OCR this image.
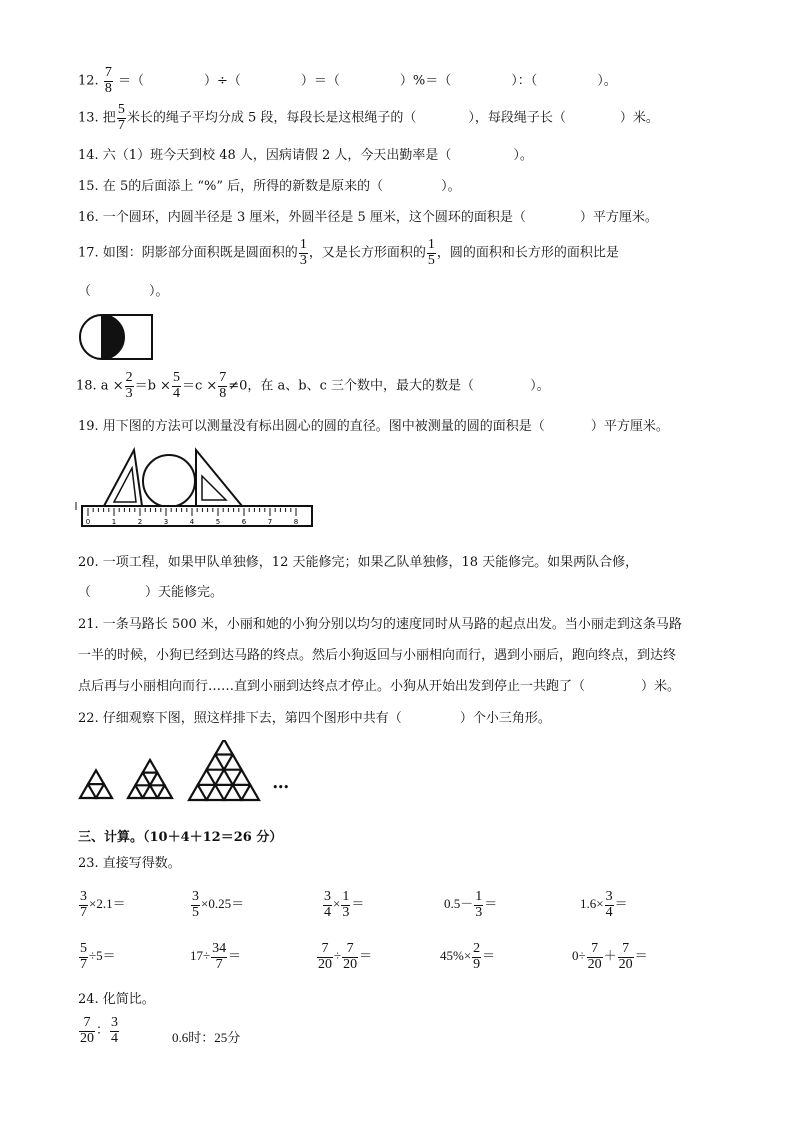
12. $\frac{7}{8}$ ＝（	）÷（	）＝（	）%＝（	）：（	）。
13. 把 $\frac{5}{7}$ 米长的绳子平均分成 5 段，每段长是这根绳子的（	），每段绳子长（	）米。
14. 六（1）班今天到校 48 人，因病请假 2 人，今天出勤率是（	）。
15. 在 5的后面添上 “%” 后，所得的新数是原来的（	）。
16. 一个圆环，内圆半径是 3 厘米，外圆半径是 5 厘米，这个圆环的面积是（	）平方厘米。
17. 如图：阴影部分面积既是圆面积的 $\frac{1}{3}$ ，又是长方形面积的 $\frac{1}{5}$ ，圆的面积和长方形的面积比是
（	）。
18. $a \times \frac{2}{3} =b \times \frac{5}{4} =c \times \frac{7}{8} \ne 0$，在 a、b、c 三个数中，最大的数是（	）。
19. 用下图的方法可以测量没有标出圆心的圆的直径。图中被测量的圆的面积是（	）平方厘米。
0	1	2	3	4	5	6	7	8
20. 一项工程，如果甲队单独修，12 天能修完；如果乙队单独修，18 天能修完。如果两队合修，
（	）天能修完。
21. 一条马路长 500 米，小丽和她的小狗分别以均匀的速度同时从马路的起点出发。当小丽走到这条马路
一半的时候，小狗已经到达马路的终点。然后小狗返回与小丽相向而行，遇到小丽后，跑向终点，到达终
点后再与小丽相向而行……直到小丽到达终点才停止。小狗从开始出发到停止一共跑了（	）米。
22. 仔细观察下图，照这样排下去，第四个图形中共有（	）个小三角形。
•••
三、计算。（10＋4＋12＝26 分）
23. 直接写得数。
$\frac{3}{7} \times 2.1=$	$\frac{3}{5} \times 0.25=$	$\frac{3}{4} \times \frac{1}{3}$ ＝	$0.5- \frac{1}{3}$ ＝	$1.6\times \frac{3}{4}$ ＝
$\frac{5}{7} \div 5=$	$17\div \frac{34}{7}$ ＝	$\frac{7}{20} \div \frac{7}{20}$ ＝	$45\%\times \frac{2}{9}$ ＝	$0\div \frac{7}{20} + \frac{7}{20}$ ＝
24. 化简比。
$\frac{7}{20}$ ： $\frac{3}{4}$	0.6时：25分
